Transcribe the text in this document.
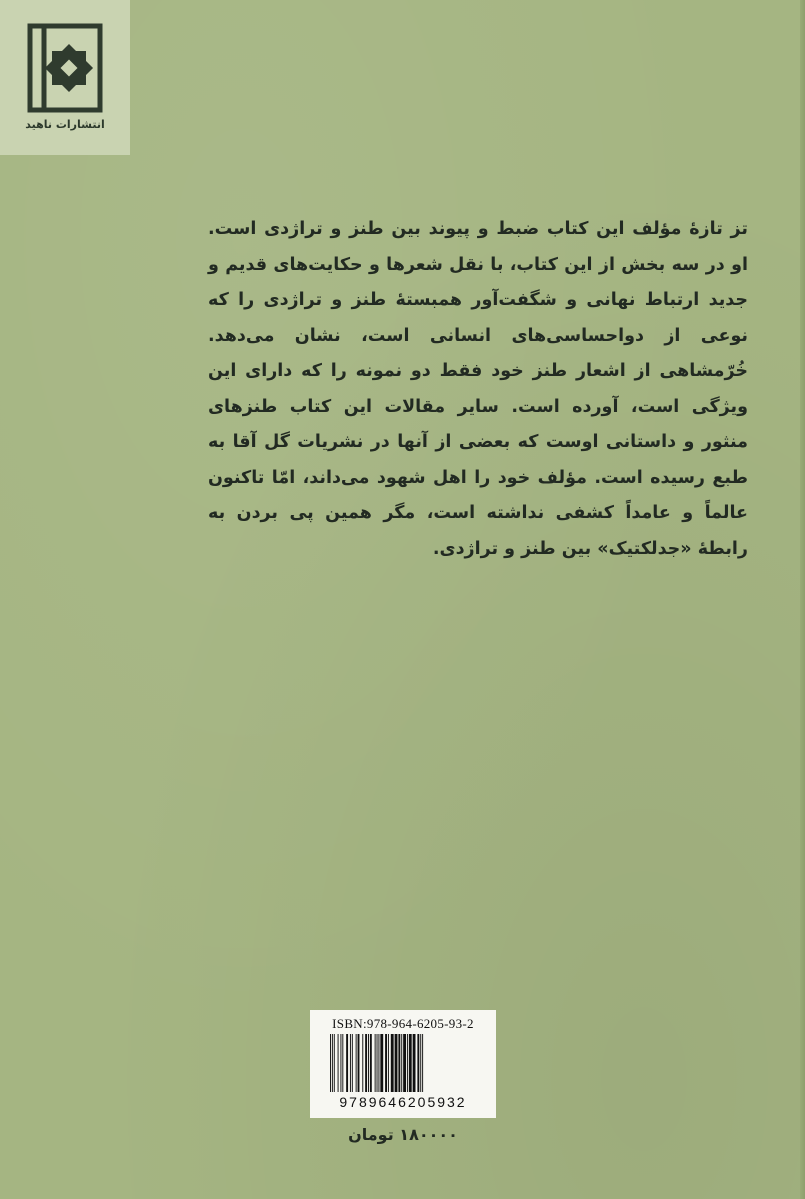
انتشارات ناهید

تز تازهٔ مؤلف این کتاب ضبط و پیوند بین طنز و تراژدی است. او در سه بخش از این کتاب، با نقل شعرها و حکایت‌های قدیم و جدید ارتباط نهانی و شگفت‌آور همبستهٔ طنز و تراژدی را که نوعی از دواحساسی‌های انسانی است، نشان می‌دهد. خُرّمشاهی از اشعار طنز خود فقط دو نمونه را که دارای این ویژگی است، آورده است. سایر مقالات این کتاب طنزهای منثور و داستانی اوست که بعضی از آنها در نشریات گل آقا به طبع رسیده است. مؤلف خود را اهل شهود می‌داند، امّا تاکنون عالماً و عامداً کشفی نداشته است، مگر همین پی بردن به رابطهٔ «جدلکتیک» بین طنز و تراژدی.

ISBN:978-964-6205-93-2
9789646205932
۱۸۰۰۰۰ تومان
